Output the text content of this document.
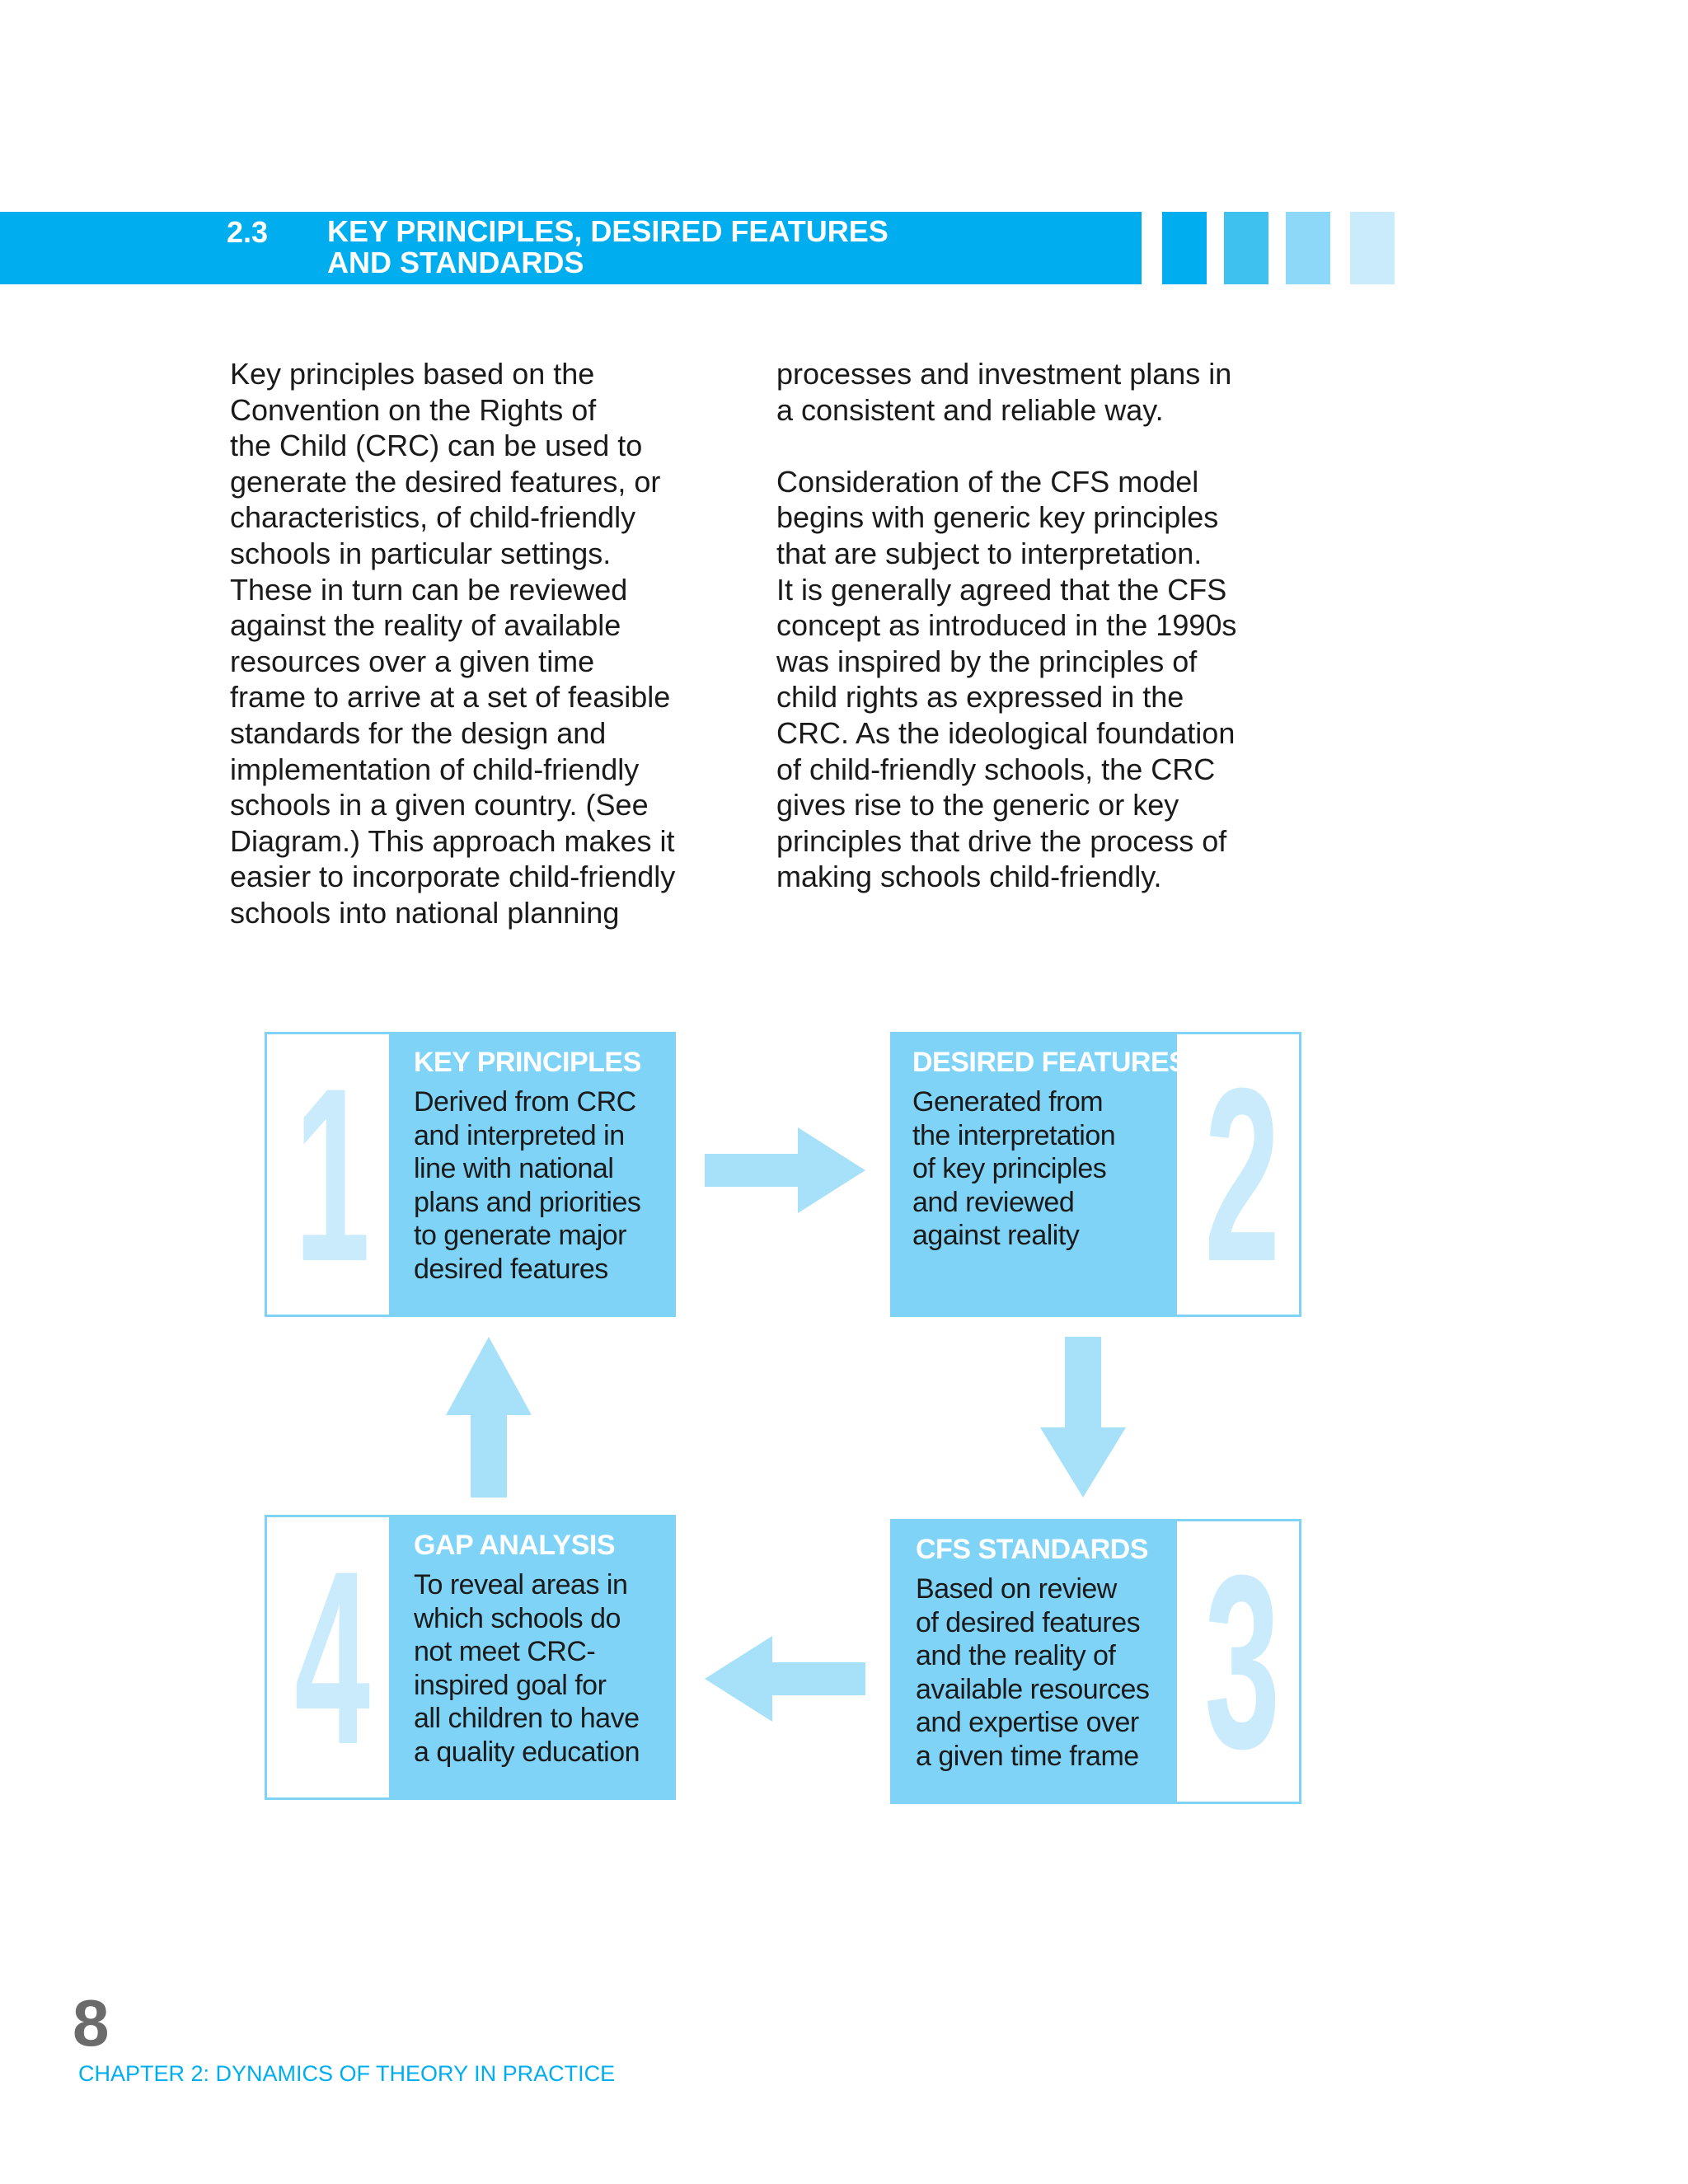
2.3 KEY PRINCIPLES, DESIRED FEATURES
AND STANDARDS
Key principles based on the
Convention on the Rights of
the Child (CRC) can be used to
generate the desired features, or
characteristics, of child-friendly
schools in particular settings.
These in turn can be reviewed
against the reality of available
resources over a given time
frame to arrive at a set of feasible
standards for the design and
implementation of child-friendly
schools in a given country. (See
Diagram.) This approach makes it
easier to incorporate child-friendly
schools into national planning
processes and investment plans in
a consistent and reliable way.
Consideration of the CFS model
begins with generic key principles
that are subject to interpretation.
It is generally agreed that the CFS
concept as introduced in the 1990s
was inspired by the principles of
child rights as expressed in the
CRC. As the ideological foundation
of child-friendly schools, the CRC
gives rise to the generic or key
principles that drive the process of
making schools child-friendly.
1 KEY PRINCIPLES
Derived from CRC
and interpreted in
line with national
plans and priorities
to generate major
desired features 2
DESIRED FEATURES
Generated from
the interpretation
of key principles
and reviewed
against reality
3
CFS STANDARDS
Based on review
of desired features
and the reality of
available resources
and expertise over
a given time frame
4 GAP ANALYSIS
To reveal areas in
which schools do
not meet CRC-
inspired goal for
all children to have
a quality education
8
CHAPTER 2: DYNAMICS OF THEORY IN PRACTICE
